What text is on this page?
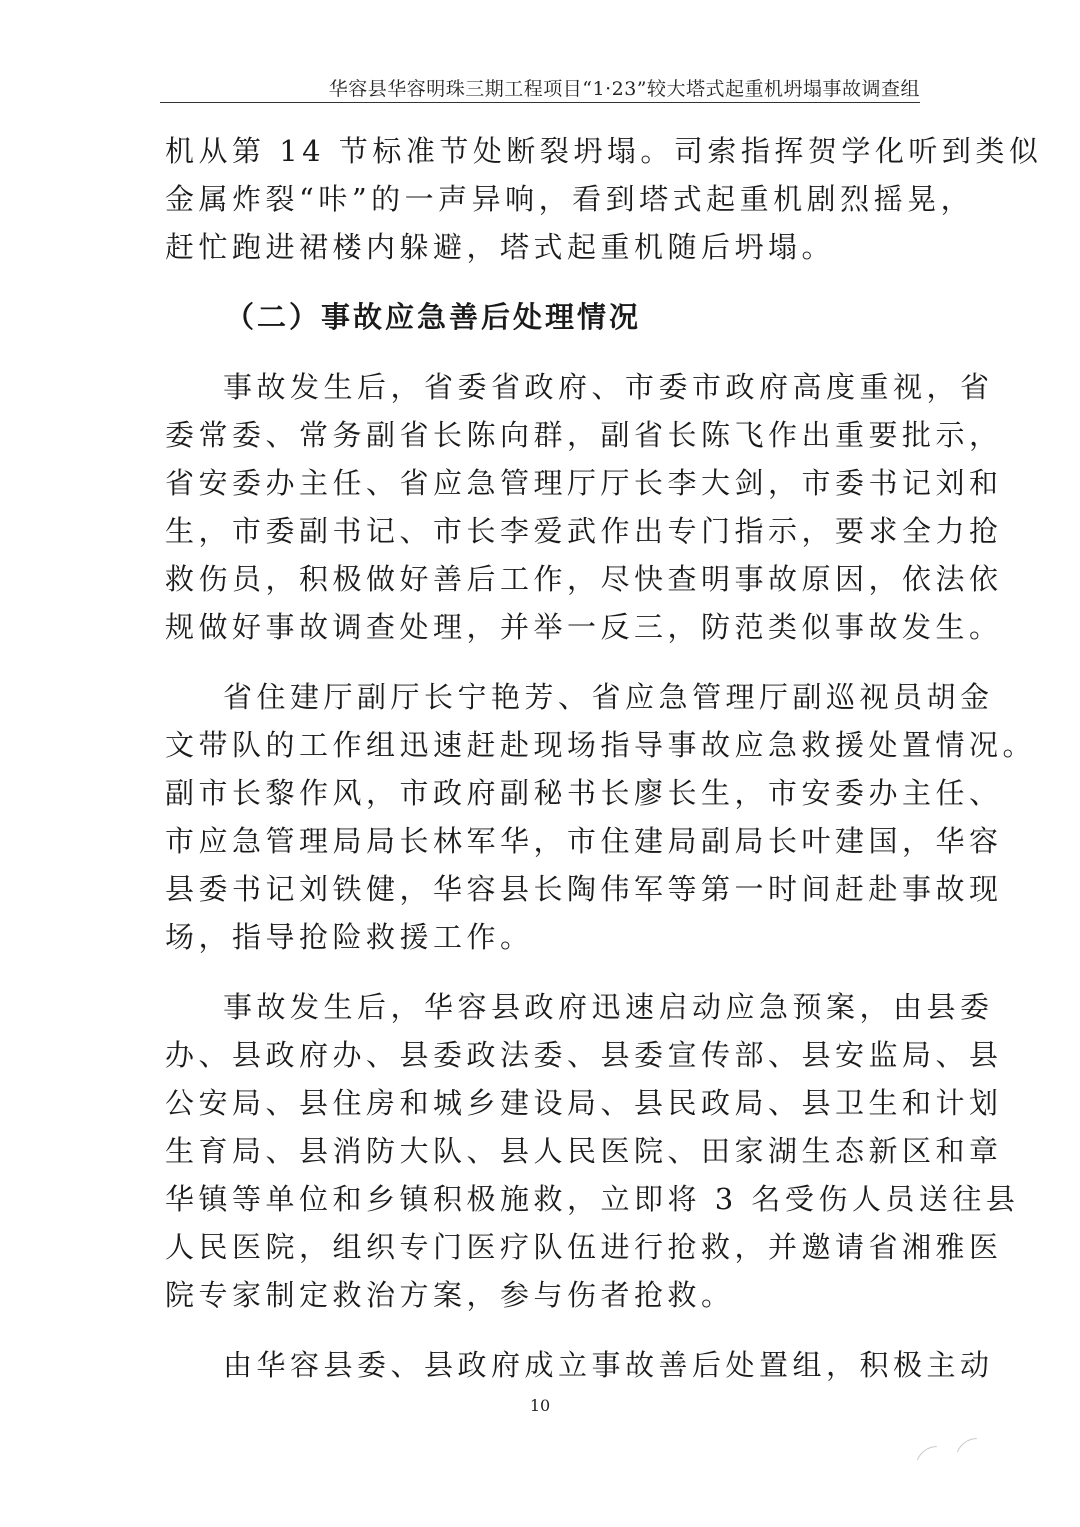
华容县华容明珠三期工程项目“1·23”较大塔式起重机坍塌事故调查组
机从第 14 节标准节处断裂坍塌。司索指挥贺学化听到类似
金属炸裂“咔”的一声异响，看到塔式起重机剧烈摇晃，
赶忙跑进裙楼内躲避，塔式起重机随后坍塌。
（二）事故应急善后处理情况
事故发生后，省委省政府、市委市政府高度重视，省
委常委、常务副省长陈向群，副省长陈飞作出重要批示，
省安委办主任、省应急管理厅厅长李大剑，市委书记刘和
生，市委副书记、市长李爱武作出专门指示，要求全力抢
救伤员，积极做好善后工作，尽快查明事故原因，依法依
规做好事故调查处理，并举一反三，防范类似事故发生。
省住建厅副厅长宁艳芳、省应急管理厅副巡视员胡金
文带队的工作组迅速赶赴现场指导事故应急救援处置情况。
副市长黎作风，市政府副秘书长廖长生，市安委办主任、
市应急管理局局长林军华，市住建局副局长叶建国，华容
县委书记刘铁健，华容县长陶伟军等第一时间赶赴事故现
场，指导抢险救援工作。
事故发生后，华容县政府迅速启动应急预案，由县委
办、县政府办、县委政法委、县委宣传部、县安监局、县
公安局、县住房和城乡建设局、县民政局、县卫生和计划
生育局、县消防大队、县人民医院、田家湖生态新区和章
华镇等单位和乡镇积极施救，立即将 3 名受伤人员送往县
人民医院，组织专门医疗队伍进行抢救，并邀请省湘雅医
院专家制定救治方案，参与伤者抢救。
由华容县委、县政府成立事故善后处置组，积极主动
10
